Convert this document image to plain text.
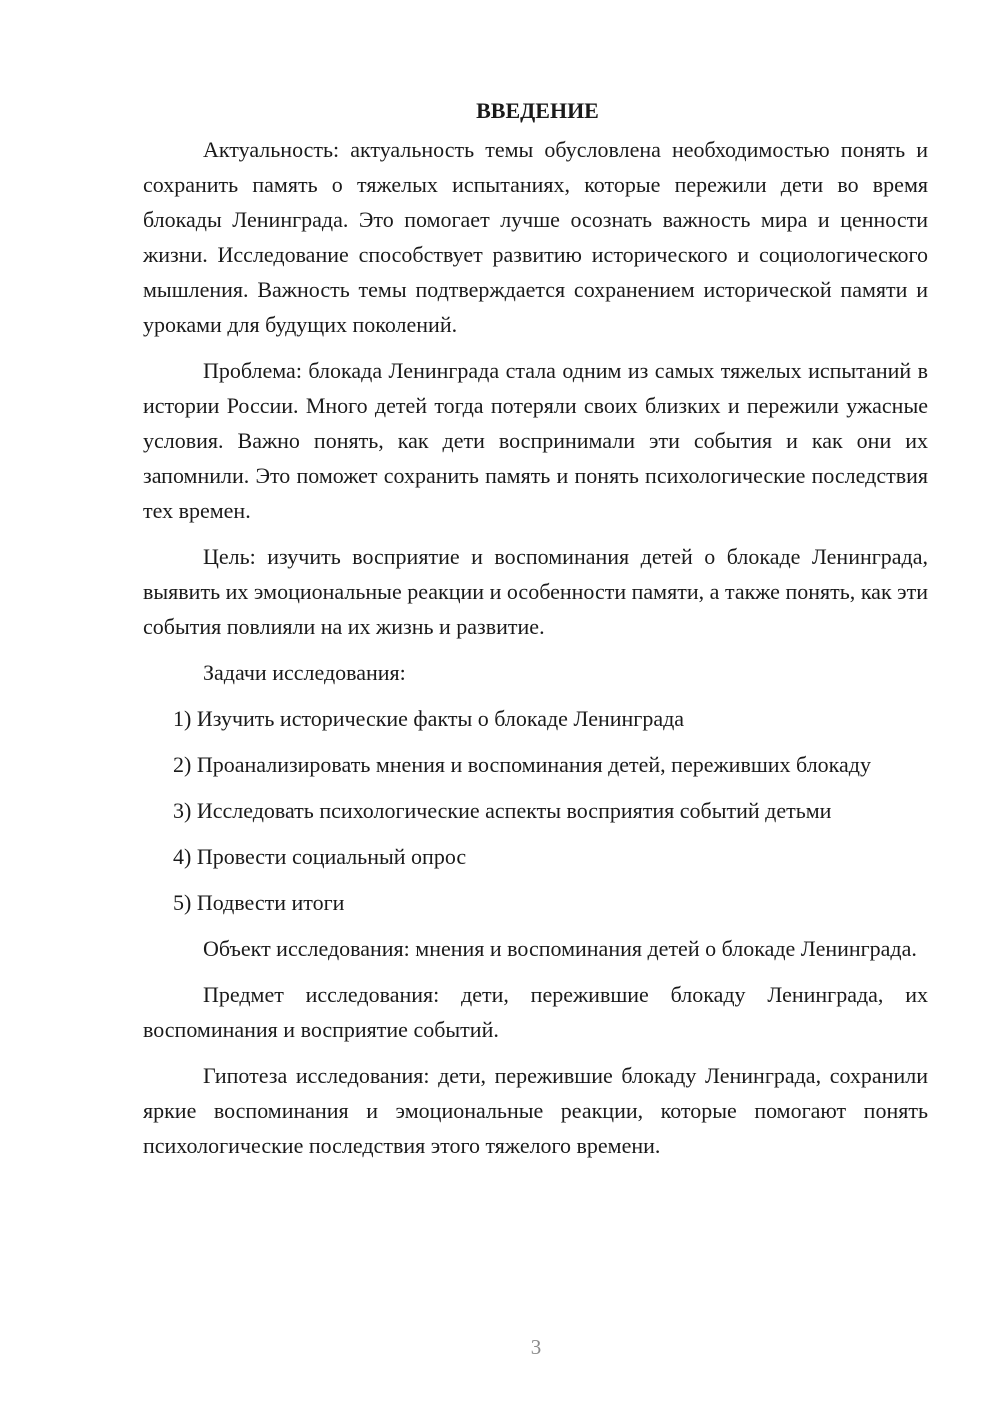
ВВЕДЕНИЕ

Актуальность: актуальность темы обусловлена необходимостью понять и сохранить память о тяжелых испытаниях, которые пережили дети во время блокады Ленинграда. Это помогает лучше осознать важность мира и ценности жизни. Исследование способствует развитию исторического и социологического мышления. Важность темы подтверждается сохранением исторической памяти и уроками для будущих поколений.

Проблема: блокада Ленинграда стала одним из самых тяжелых испытаний в истории России. Много детей тогда потеряли своих близких и пережили ужасные условия. Важно понять, как дети воспринимали эти события и как они их запомнили. Это поможет сохранить память и понять психологические последствия тех времен.

Цель: изучить восприятие и воспоминания детей о блокаде Ленинграда, выявить их эмоциональные реакции и особенности памяти, а также понять, как эти события повлияли на их жизнь и развитие.

Задачи исследования:

1) Изучить исторические факты о блокаде Ленинграда

2) Проанализировать мнения и воспоминания детей, переживших блокаду

3) Исследовать психологические аспекты восприятия событий детьми

4) Провести социальный опрос

5) Подвести итоги

Объект исследования: мнения и воспоминания детей о блокаде Ленинграда.

Предмет исследования: дети, пережившие блокаду Ленинграда, их воспоминания и восприятие событий.

Гипотеза исследования: дети, пережившие блокаду Ленинграда, сохранили яркие воспоминания и эмоциональные реакции, которые помогают понять психологические последствия этого тяжелого времени.

3
